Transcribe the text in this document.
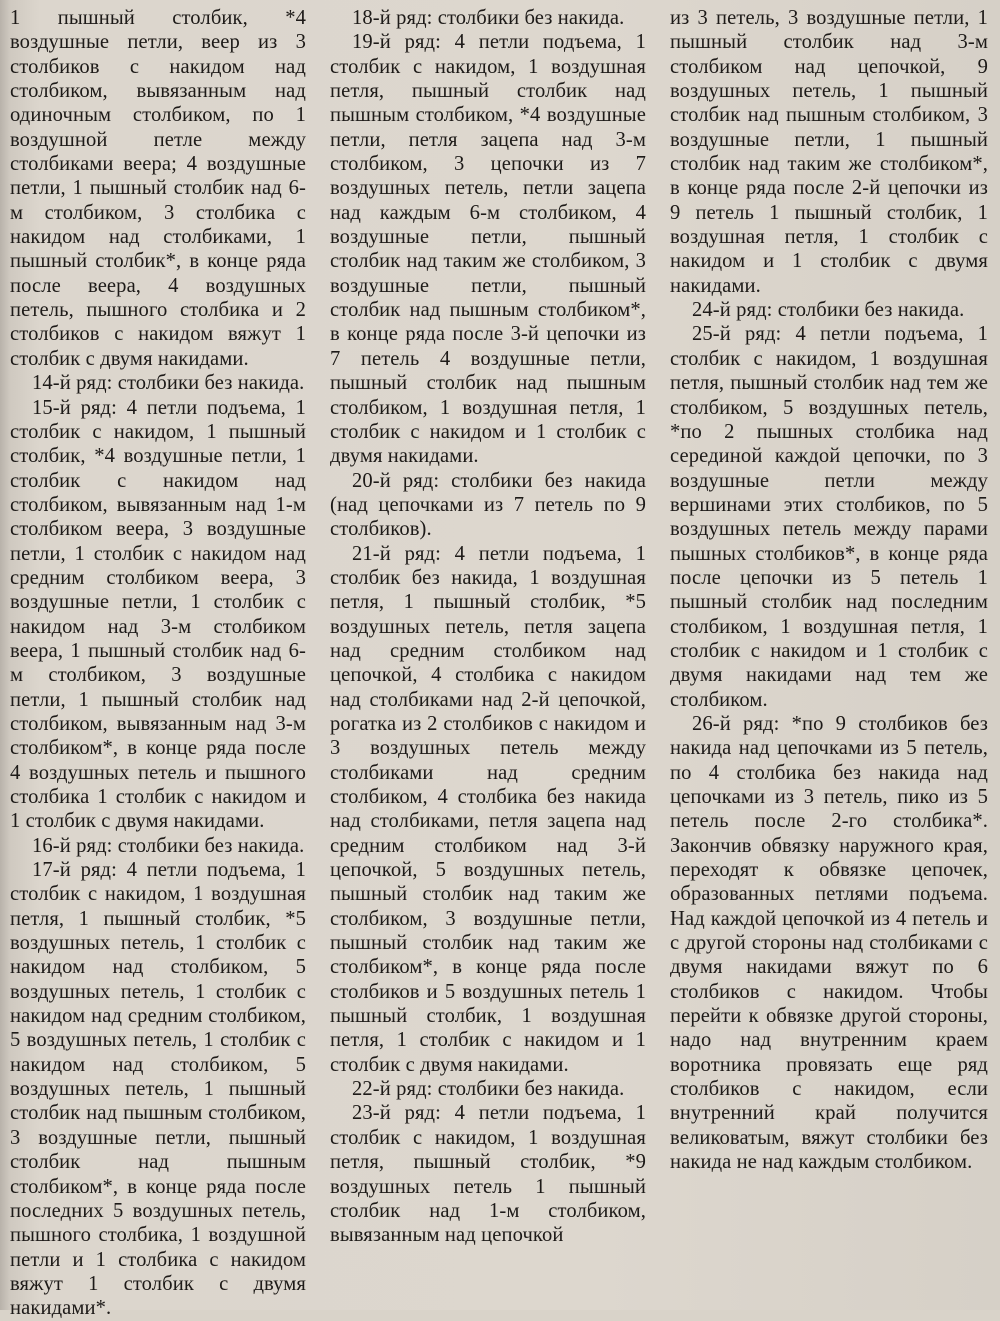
1 пышный столбик, *4 воздушные петли, веер из 3 столбиков с накидом над столбиком, вывязанным над одиночным столбиком, по 1 воздушной петле между столбиками веера; 4 воздушные петли, 1 пышный столбик над 6-м столбиком, 3 столбика с накидом над столбиками, 1 пышный столбик*, в конце ряда после веера, 4 воздушных петель, пышного столбика и 2 столбиков с накидом вяжут 1 столбик с двумя накидами.

14-й ряд: столбики без накида.

15-й ряд: 4 петли подъема, 1 столбик с накидом, 1 пышный столбик, *4 воздушные петли, 1 столбик с накидом над столбиком, вывязанным над 1-м столбиком веера, 3 воздушные петли, 1 столбик с накидом над средним столбиком веера, 3 воздушные петли, 1 столбик с накидом над 3-м столбиком веера, 1 пышный столбик над 6-м столбиком, 3 воздушные петли, 1 пышный столбик над столбиком, вывязанным над 3-м столбиком*, в конце ряда после 4 воздушных петель и пышного столбика 1 столбик с накидом и 1 столбик с двумя накидами.

16-й ряд: столбики без накида.

17-й ряд: 4 петли подъема, 1 столбик с накидом, 1 воздушная петля, 1 пышный столбик, *5 воздушных петель, 1 столбик с накидом над столбиком, 5 воздушных петель, 1 столбик с накидом над средним столбиком, 5 воздушных петель, 1 столбик с накидом над столбиком, 5 воздушных петель, 1 пышный столбик над пышным столбиком, 3 воздушные петли, пышный столбик над пышным столбиком*, в конце ряда после последних 5 воздушных петель, пышного столбика, 1 воздушной петли и 1 столбика с накидом вяжут 1 столбик с двумя накидами*.

18-й ряд: столбики без накида.

19-й ряд: 4 петли подъема, 1 столбик с накидом, 1 воздушная петля, пышный столбик над пышным столбиком, *4 воздушные петли, петля зацепа над 3-м столбиком, 3 цепочки из 7 воздушных петель, петли зацепа над каждым 6-м столбиком, 4 воздушные петли, пышный столбик над таким же столбиком, 3 воздушные петли, пышный столбик над пышным столбиком*, в конце ряда после 3-й цепочки из 7 петель 4 воздушные петли, пышный столбик над пышным столбиком, 1 воздушная петля, 1 столбик с накидом и 1 столбик с двумя накидами.

20-й ряд: столбики без накида (над цепочками из 7 петель по 9 столбиков).

21-й ряд: 4 петли подъема, 1 столбик без накида, 1 воздушная петля, 1 пышный столбик, *5 воздушных петель, петля зацепа над средним столбиком над цепочкой, 4 столбика с накидом над столбиками над 2-й цепочкой, рогатка из 2 столбиков с накидом и 3 воздушных петель между столбиками над средним столбиком, 4 столбика без накида над столбиками, петля зацепа над средним столбиком над 3-й цепочкой, 5 воздушных петель, пышный столбик над таким же столбиком, 3 воздушные петли, пышный столбик над таким же столбиком*, в конце ряда после столбиков и 5 воздушных петель 1 пышный столбик, 1 воздушная петля, 1 столбик с накидом и 1 столбик с двумя накидами.

22-й ряд: столбики без накида.

23-й ряд: 4 петли подъема, 1 столбик с накидом, 1 воздушная петля, пышный столбик, *9 воздушных петель 1 пышный столбик над 1-м столбиком, вывязанным над цепочкой

из 3 петель, 3 воздушные петли, 1 пышный столбик над 3-м столбиком над цепочкой, 9 воздушных петель, 1 пышный столбик над пышным столбиком, 3 воздушные петли, 1 пышный столбик над таким же столбиком*, в конце ряда после 2-й цепочки из 9 петель 1 пышный столбик, 1 воздушная петля, 1 столбик с накидом и 1 столбик с двумя накидами.

24-й ряд: столбики без накида.

25-й ряд: 4 петли подъема, 1 столбик с накидом, 1 воздушная петля, пышный столбик над тем же столбиком, 5 воздушных петель, *по 2 пышных столбика над серединой каждой цепочки, по 3 воздушные петли между вершинами этих столбиков, по 5 воздушных петель между парами пышных столбиков*, в конце ряда после цепочки из 5 петель 1 пышный столбик над последним столбиком, 1 воздушная петля, 1 столбик с накидом и 1 столбик с двумя накидами над тем же столбиком.

26-й ряд: *по 9 столбиков без накида над цепочками из 5 петель, по 4 столбика без накида над цепочками из 3 петель, пико из 5 петель после 2-го столбика*. Закончив обвязку наружного края, переходят к обвязке цепочек, образованных петлями подъема. Над каждой цепочкой из 4 петель и с другой стороны над столбиками с двумя накидами вяжут по 6 столбиков с накидом. Чтобы перейти к обвязке другой стороны, надо над внутренним краем воротника провязать еще ряд столбиков с накидом, если внутренний край получится великоватым, вяжут столбики без накида не над каждым столбиком.
